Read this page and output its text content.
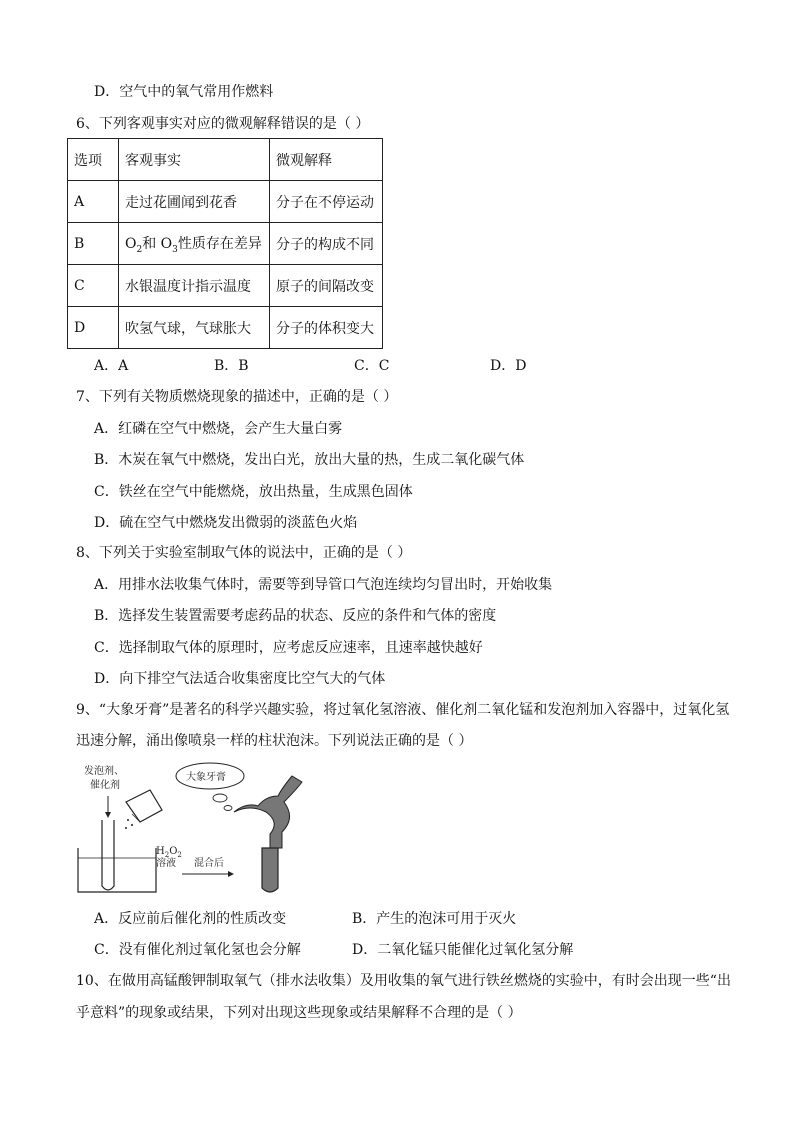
D．空气中的氧气常用作燃料
6、下列客观事实对应的微观解释错误的是（ ）
选项	客观事实	微观解释
A	走过花圃闻到花香	分子在不停运动
B	$O_2$和 $O_3$性质存在差异	分子的构成不同
C	水银温度计指示温度	原子的间隔改变
D	吹氢气球，气球胀大	分子的体积变大
A．A	B．B	C．C	D．D
7、下列有关物质燃烧现象的描述中，正确的是（ ）
A．红磷在空气中燃烧，会产生大量白雾
B．木炭在氧气中燃烧，发出白光，放出大量的热，生成二氧化碳气体
C．铁丝在空气中能燃烧，放出热量，生成黑色固体
D．硫在空气中燃烧发出微弱的淡蓝色火焰
8、下列关于实验室制取气体的说法中，正确的是（ ）
A．用排水法收集气体时，需要等到导管口气泡连续均匀冒出时，开始收集
B．选择发生装置需要考虑药品的状态、反应的条件和气体的密度
C．选择制取气体的原理时，应考虑反应速率，且速率越快越好
D．向下排空气法适合收集密度比空气大的气体
9、“大象牙膏”是著名的科学兴趣实验，将过氧化氢溶液、催化剂二氧化锰和发泡剂加入容器中，过氧化氢
迅速分解，涌出像喷泉一样的柱状泡沫。下列说法正确的是（ ）
发泡剂、
催化剂
$H_2O_2$
溶液 混合后
大象牙膏
A．反应前后催化剂的性质改变	B．产生的泡沫可用于灭火
C．没有催化剂过氧化氢也会分解	D．二氧化锰只能催化过氧化氢分解
10、在做用高锰酸钾制取氧气（排水法收集）及用收集的氧气进行铁丝燃烧的实验中，有时会出现一些“出
乎意料”的现象或结果，下列对出现这些现象或结果解释不合理的是（ ）
